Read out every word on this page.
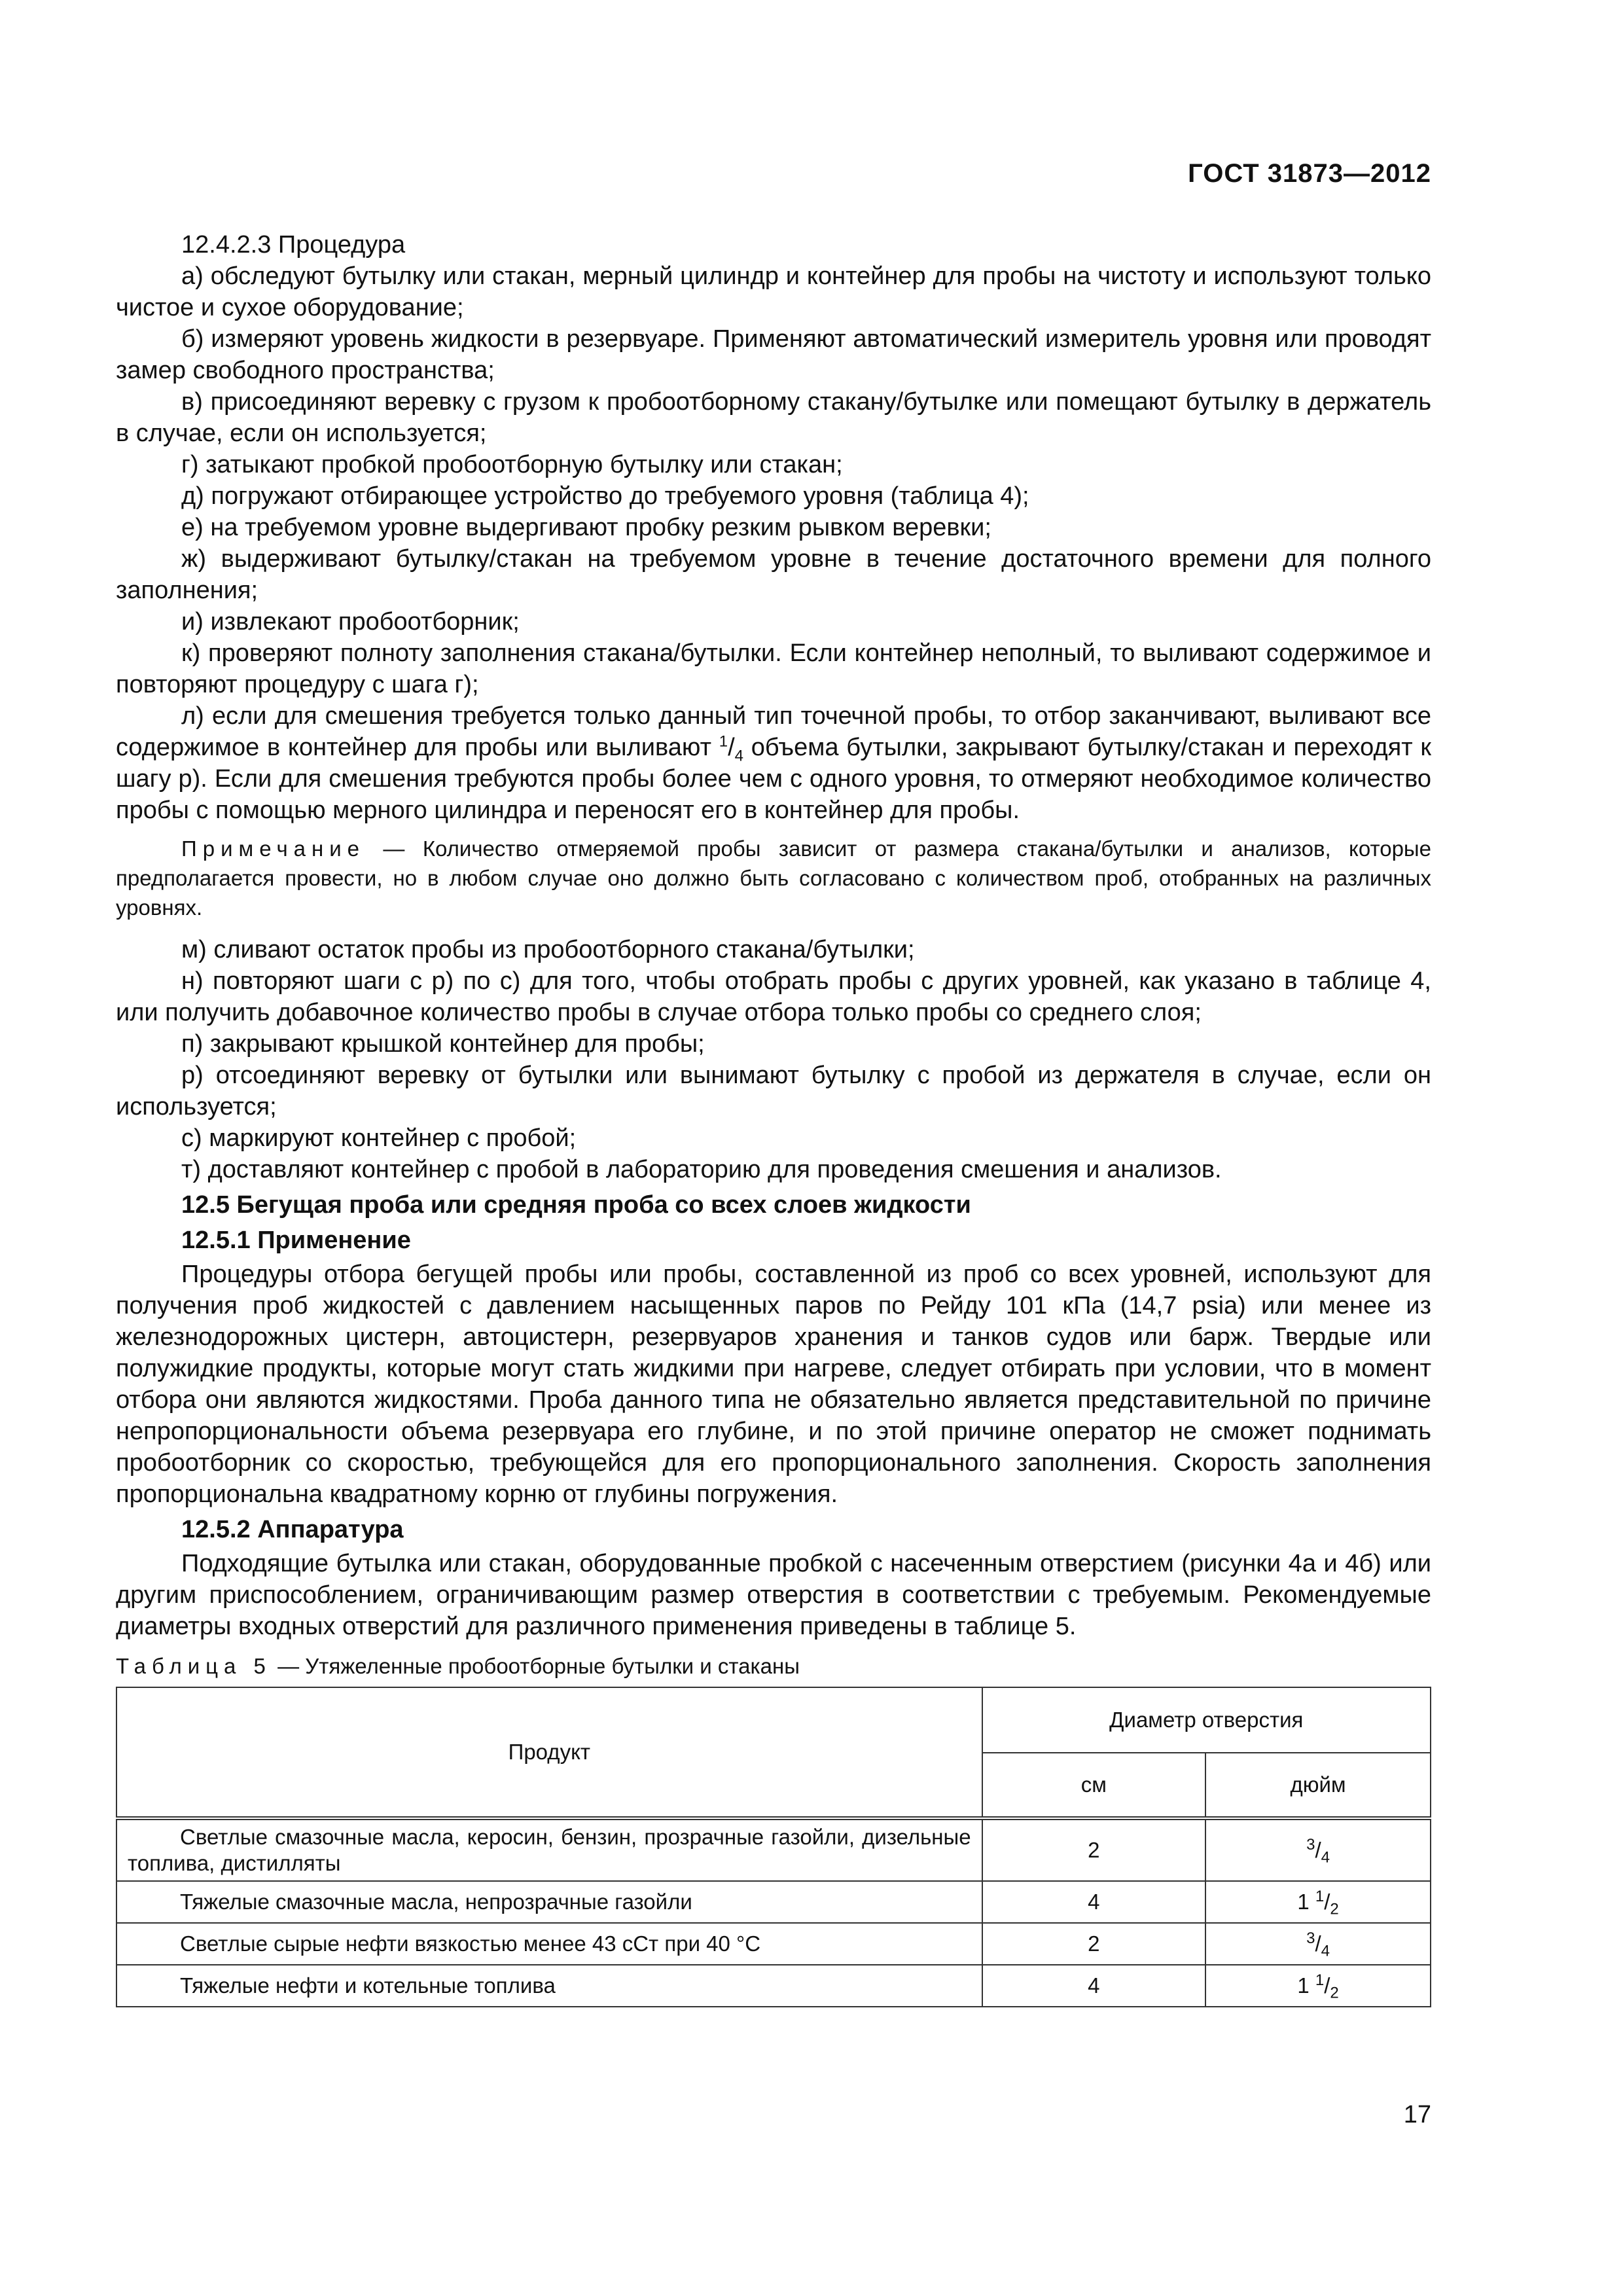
ГОСТ 31873—2012

12.4.2.3 Процедура

а) обследуют бутылку или стакан, мерный цилиндр и контейнер для пробы на чистоту и используют только чистое и сухое оборудование;

б) измеряют уровень жидкости в резервуаре. Применяют автоматический измеритель уровня или проводят замер свободного пространства;

в) присоединяют веревку с грузом к пробоотборному стакану/бутылке или помещают бутылку в держатель в случае, если он используется;

г) затыкают пробкой пробоотборную бутылку или стакан;

д) погружают отбирающее устройство до требуемого уровня (таблица 4);

е) на требуемом уровне выдергивают пробку резким рывком веревки;

ж) выдерживают бутылку/стакан на требуемом уровне в течение достаточного времени для полного заполнения;

и) извлекают пробоотборник;

к) проверяют полноту заполнения стакана/бутылки. Если контейнер неполный, то выливают содержимое и повторяют процедуру с шага г);

л) если для смешения требуется только данный тип точечной пробы, то отбор заканчивают, выливают все содержимое в контейнер для пробы или выливают $^1/_4$ объема бутылки, закрывают бутылку/стакан и переходят к шагу р). Если для смешения требуются пробы более чем с одного уровня, то отмеряют необходимое количество пробы с помощью мерного цилиндра и переносят его в контейнер для пробы.

Примечание — Количество отмеряемой пробы зависит от размера стакана/бутылки и анализов, которые предполагается провести, но в любом случае оно должно быть согласовано с количеством проб, отобранных на различных уровнях.

м) сливают остаток пробы из пробоотборного стакана/бутылки;

н) повторяют шаги с р) по с) для того, чтобы отобрать пробы с других уровней, как указано в таблице 4, или получить добавочное количество пробы в случае отбора только пробы со среднего слоя;

п) закрывают крышкой контейнер для пробы;

р) отсоединяют веревку от бутылки или вынимают бутылку с пробой из держателя в случае, если он используется;

с) маркируют контейнер с пробой;

т) доставляют контейнер с пробой в лабораторию для проведения смешения и анализов.

12.5 Бегущая проба или средняя проба со всех слоев жидкости

12.5.1 Применение

Процедуры отбора бегущей пробы или пробы, составленной из проб со всех уровней, используют для получения проб жидкостей с давлением насыщенных паров по Рейду 101 кПа (14,7 psia) или менее из железнодорожных цистерн, автоцистерн, резервуаров хранения и танков судов или барж. Твердые или полужидкие продукты, которые могут стать жидкими при нагреве, следует отбирать при условии, что в момент отбора они являются жидкостями. Проба данного типа не обязательно является представительной по причине непропорциональности объема резервуара его глубине, и по этой причине оператор не сможет поднимать пробоотборник со скоростью, требующейся для его пропорционального заполнения. Скорость заполнения пропорциональна квадратному корню от глубины погружения.

12.5.2 Аппаратура

Подходящие бутылка или стакан, оборудованные пробкой с насеченным отверстием (рисунки 4а и 4б) или другим приспособлением, ограничивающим размер отверстия в соответствии с требуемым. Рекомендуемые диаметры входных отверстий для различного применения приведены в таблице 5.

Таблица 5 — Утяжеленные пробоотборные бутылки и стаканы
Продукт	Диаметр отверстия	
	см	дюйм
Светлые смазочные масла, керосин, бензин, прозрачные газойли, дизельные топлива, дистилляты	2	$^3/_4$
Тяжелые смазочные масла, непрозрачные газойли	4	1 $^1/_2$
Светлые сырые нефти вязкостью менее 43 сСт при 40 °С	2	$^3/_4$
Тяжелые нефти и котельные топлива	4	1 $^1/_2$
17
